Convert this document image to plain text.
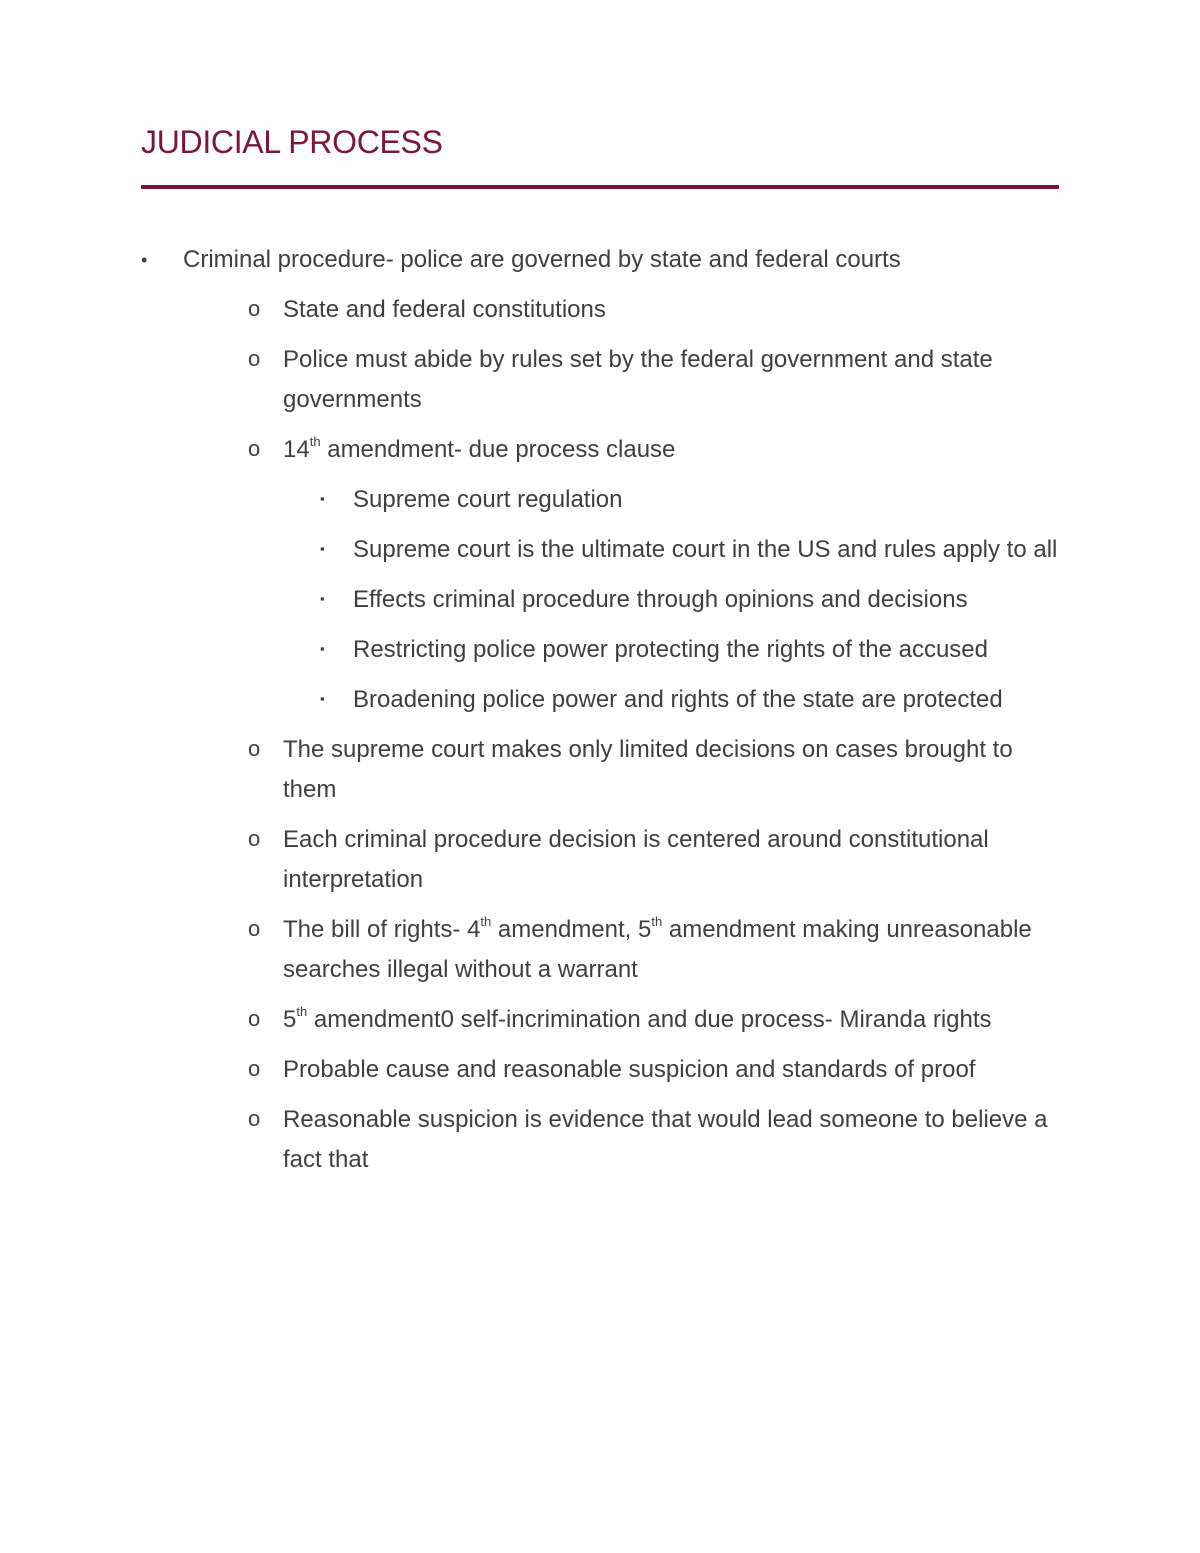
JUDICIAL PROCESS
• Criminal procedure- police are governed by state and federal courts
o State and federal constitutions
o Police must abide by rules set by the federal government and state governments
o 14th amendment- due process clause
▪ Supreme court regulation
▪ Supreme court is the ultimate court in the US and rules apply to all
▪ Effects criminal procedure through opinions and decisions
▪ Restricting police power protecting the rights of the accused
▪ Broadening police power and rights of the state are protected
o The supreme court makes only limited decisions on cases brought to them
o Each criminal procedure decision is centered around constitutional interpretation
o The bill of rights- 4th amendment, 5th amendment making unreasonable searches illegal without a warrant
o 5th amendment0 self-incrimination and due process- Miranda rights
o Probable cause and reasonable suspicion and standards of proof
o Reasonable suspicion is evidence that would lead someone to believe a fact that
